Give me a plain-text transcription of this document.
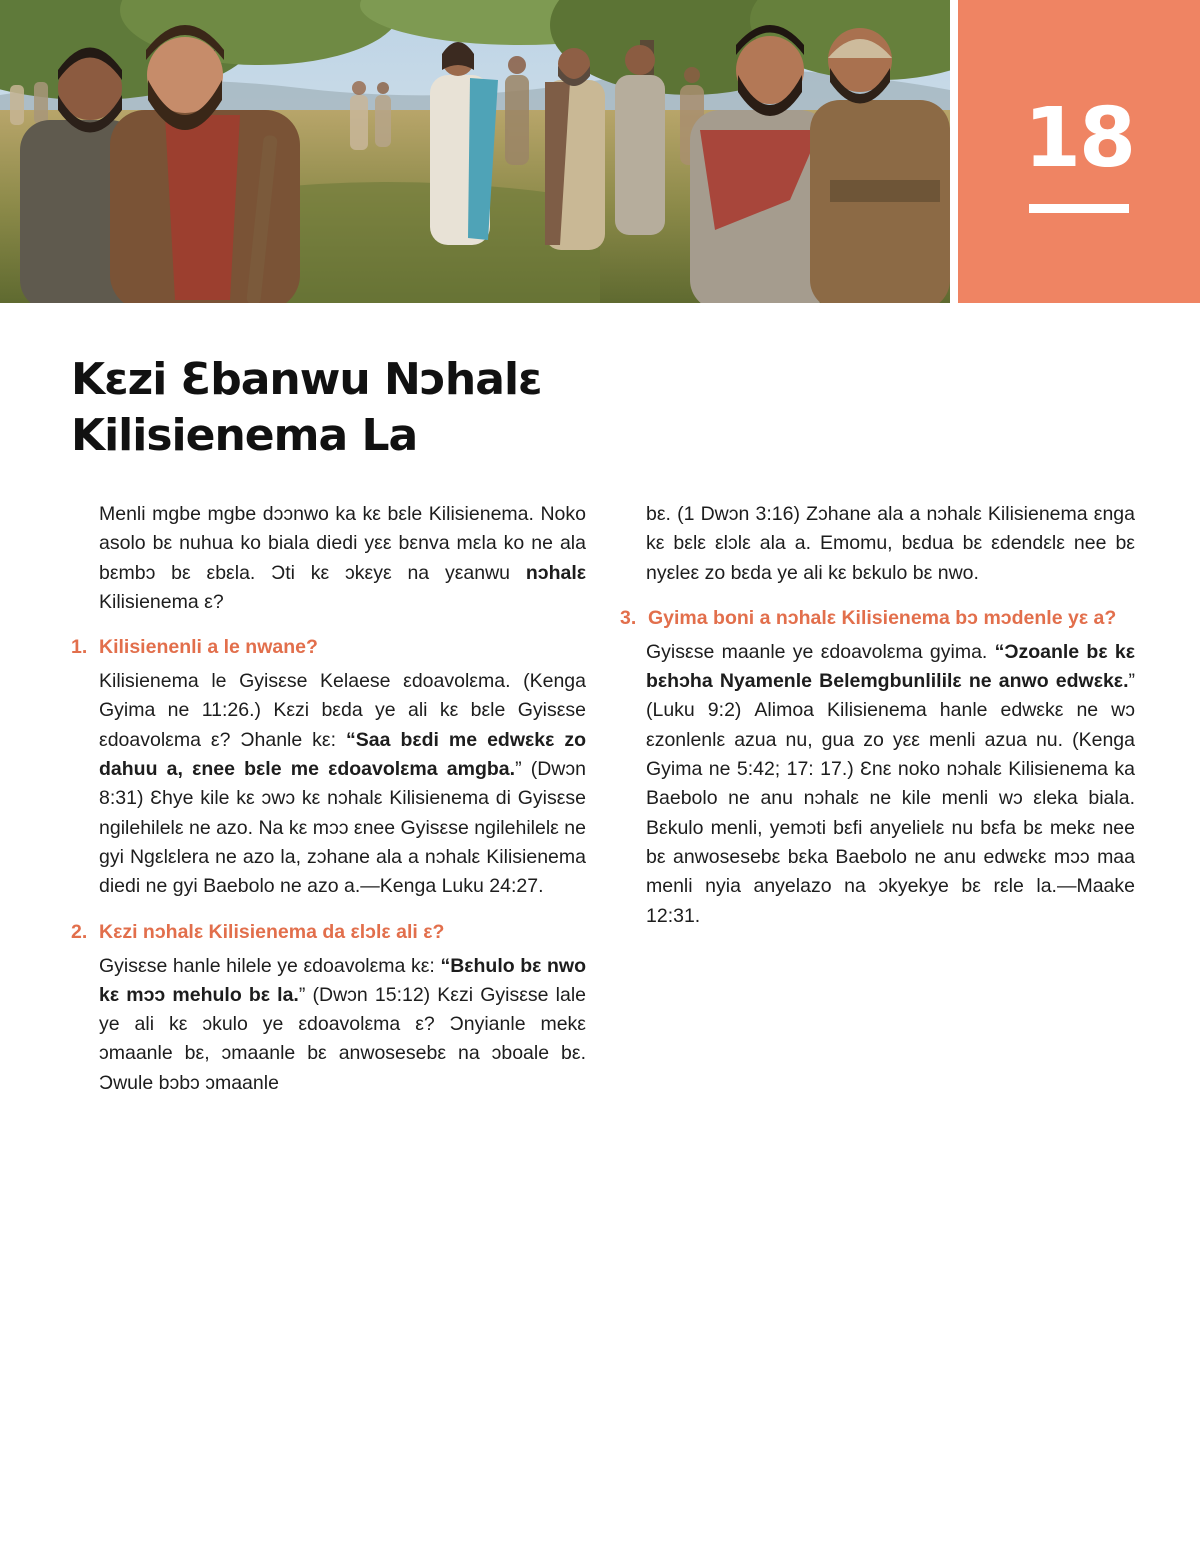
18
Kεzi Ɛbanwu Nɔhalε
Kilisienema La

Menli mgbe mgbe dɔɔnwo ka kε bεle Kilisienema. Noko asolo bε nuhua ko biala diedi yεε bεnva mεla ko ne ala bεmbɔ bε εbεla. Ɔti kε ɔkεyε na yεanwu nɔhalε Kilisienema ε?

1. Kilisienenli a le nwane?

Kilisienema le Gyisεse Kelaese εdoavolεma. (Kenga Gyima ne 11:26.) Kεzi bεda ye ali kε bεle Gyisεse εdoavolεma ε? Ɔhanle kε: “Saa bεdi me edwεkε zo dahuu a, εnee bεle me εdoavolεma amgba.” (Dwɔn 8:31) Ɛhye kile kε ɔwɔ kε nɔhalε Kilisienema di Gyisεse ngilehilelε ne azo. Na kε mɔɔ εnee Gyisεse ngilehilelε ne gyi Ngεlεlera ne azo la, zɔhane ala a nɔhalε Kilisienema diedi ne gyi Baebolo ne azo a.—Kenga Luku 24:27.

2. Kεzi nɔhalε Kilisienema da εlɔlε ali ε?

Gyisεse hanle hilele ye εdoavolεma kε: “Bεhulo bε nwo kε mɔɔ mehulo bε la.” (Dwɔn 15:12) Kεzi Gyisεse lale ye ali kε ɔkulo ye εdoavolεma ε? Ɔnyianle mekε ɔmaanle bε, ɔmaanle bε anwosesebε na ɔboale bε. Ɔwule bɔbɔ ɔmaanle

bε. (1 Dwɔn 3:16) Zɔhane ala a nɔhalε Kilisienema εnga kε bεlε εlɔlε ala a. Emomu, bεdua bε εdendεlε nee bε nyεleε zo bεda ye ali kε bεkulo bε nwo.

3. Gyima boni a nɔhalε Kilisienema bɔ mɔdenle yε a?

Gyisεse maanle ye εdoavolεma gyima. “Ɔzoanle bε kε bεhɔha Nyamenle Belemgbunlililε ne anwo edwεkε.” (Luku 9:2) Alimoa Kilisienema hanle edwεkε ne wɔ εzonlenlε azua nu, gua zo yεε menli azua nu. (Kenga Gyima ne 5:42; 17: 17.) Ɛnε noko nɔhalε Kilisienema ka Baebolo ne anu nɔhalε ne kile menli wɔ εleka biala. Bεkulo menli, yemɔti bεfi anyelielε nu bεfa bε mekε nee bε anwosesebε bεka Baebolo ne anu edwεkε mɔɔ maa menli nyia anyelazo na ɔkyekye bε rεle la.—Maake 12:31.
